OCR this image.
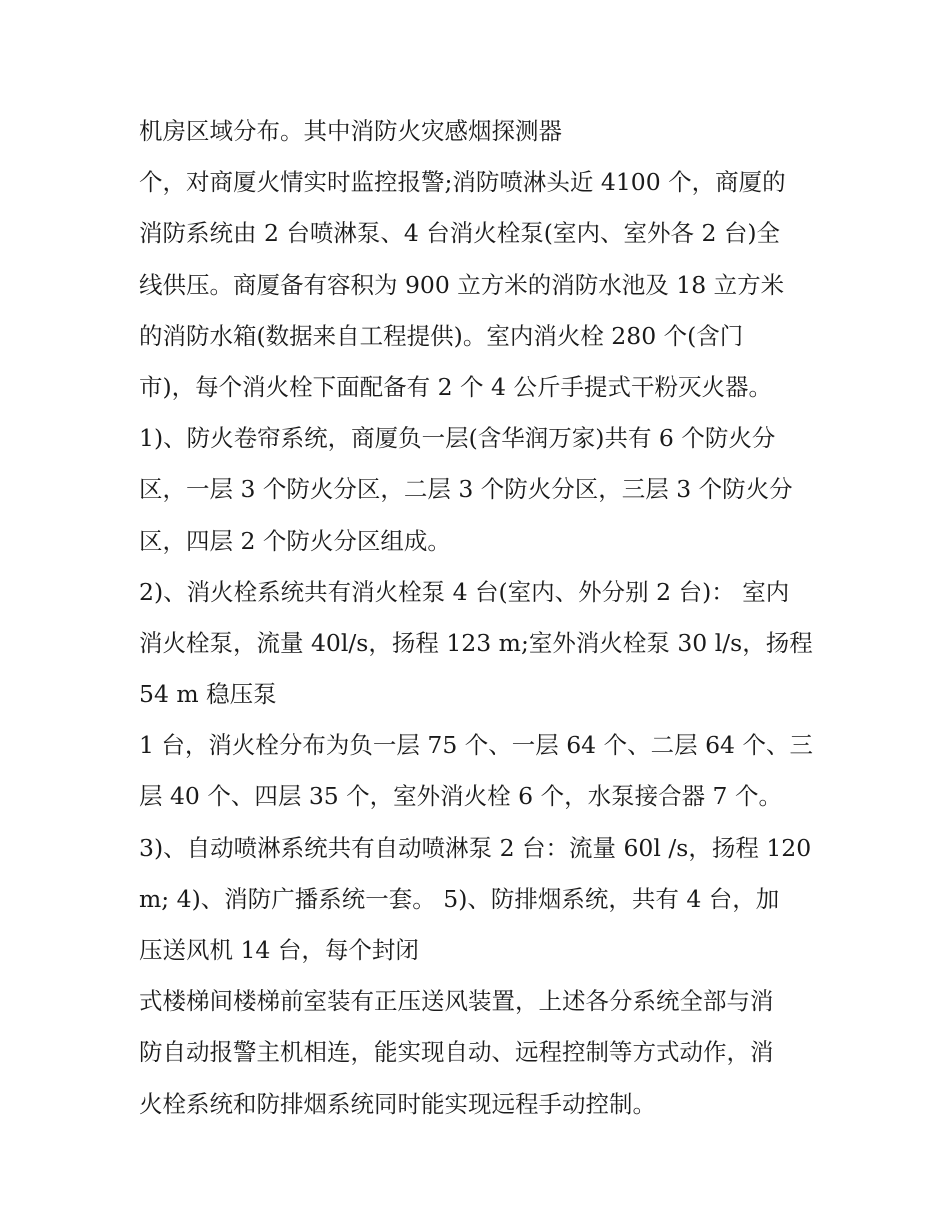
机房区域分布。其中消防火灾感烟探测器
个，对商厦火情实时监控报警;消防喷淋头近 4100 个，商厦的
消防系统由 2 台喷淋泵、4 台消火栓泵(室内、室外各 2 台)全
线供压。商厦备有容积为 900 立方米的消防水池及 18 立方米
的消防水箱(数据来自工程提供)。室内消火栓 280 个(含门
市)，每个消火栓下面配备有 2 个 4 公斤手提式干粉灭火器。
1)、防火卷帘系统，商厦负一层(含华润万家)共有 6 个防火分
区，一层 3 个防火分区，二层 3 个防火分区，三层 3 个防火分
区，四层 2 个防火分区组成。
2)、消火栓系统共有消火栓泵 4 台(室内、外分别 2 台)： 室内
消火栓泵，流量 40l/s，扬程 123 m;室外消火栓泵 30 l/s，扬程
54 m 稳压泵
1 台，消火栓分布为负一层 75 个、一层 64 个、二层 64 个、三
层 40 个、四层 35 个，室外消火栓 6 个，水泵接合器 7 个。
3)、自动喷淋系统共有自动喷淋泵 2 台：流量 60l /s，扬程 120
m; 4)、消防广播系统一套。 5)、防排烟系统，共有 4 台，加
压送风机 14 台，每个封闭
式楼梯间楼梯前室装有正压送风装置，上述各分系统全部与消
防自动报警主机相连，能实现自动、远程控制等方式动作，消
火栓系统和防排烟系统同时能实现远程手动控制。
